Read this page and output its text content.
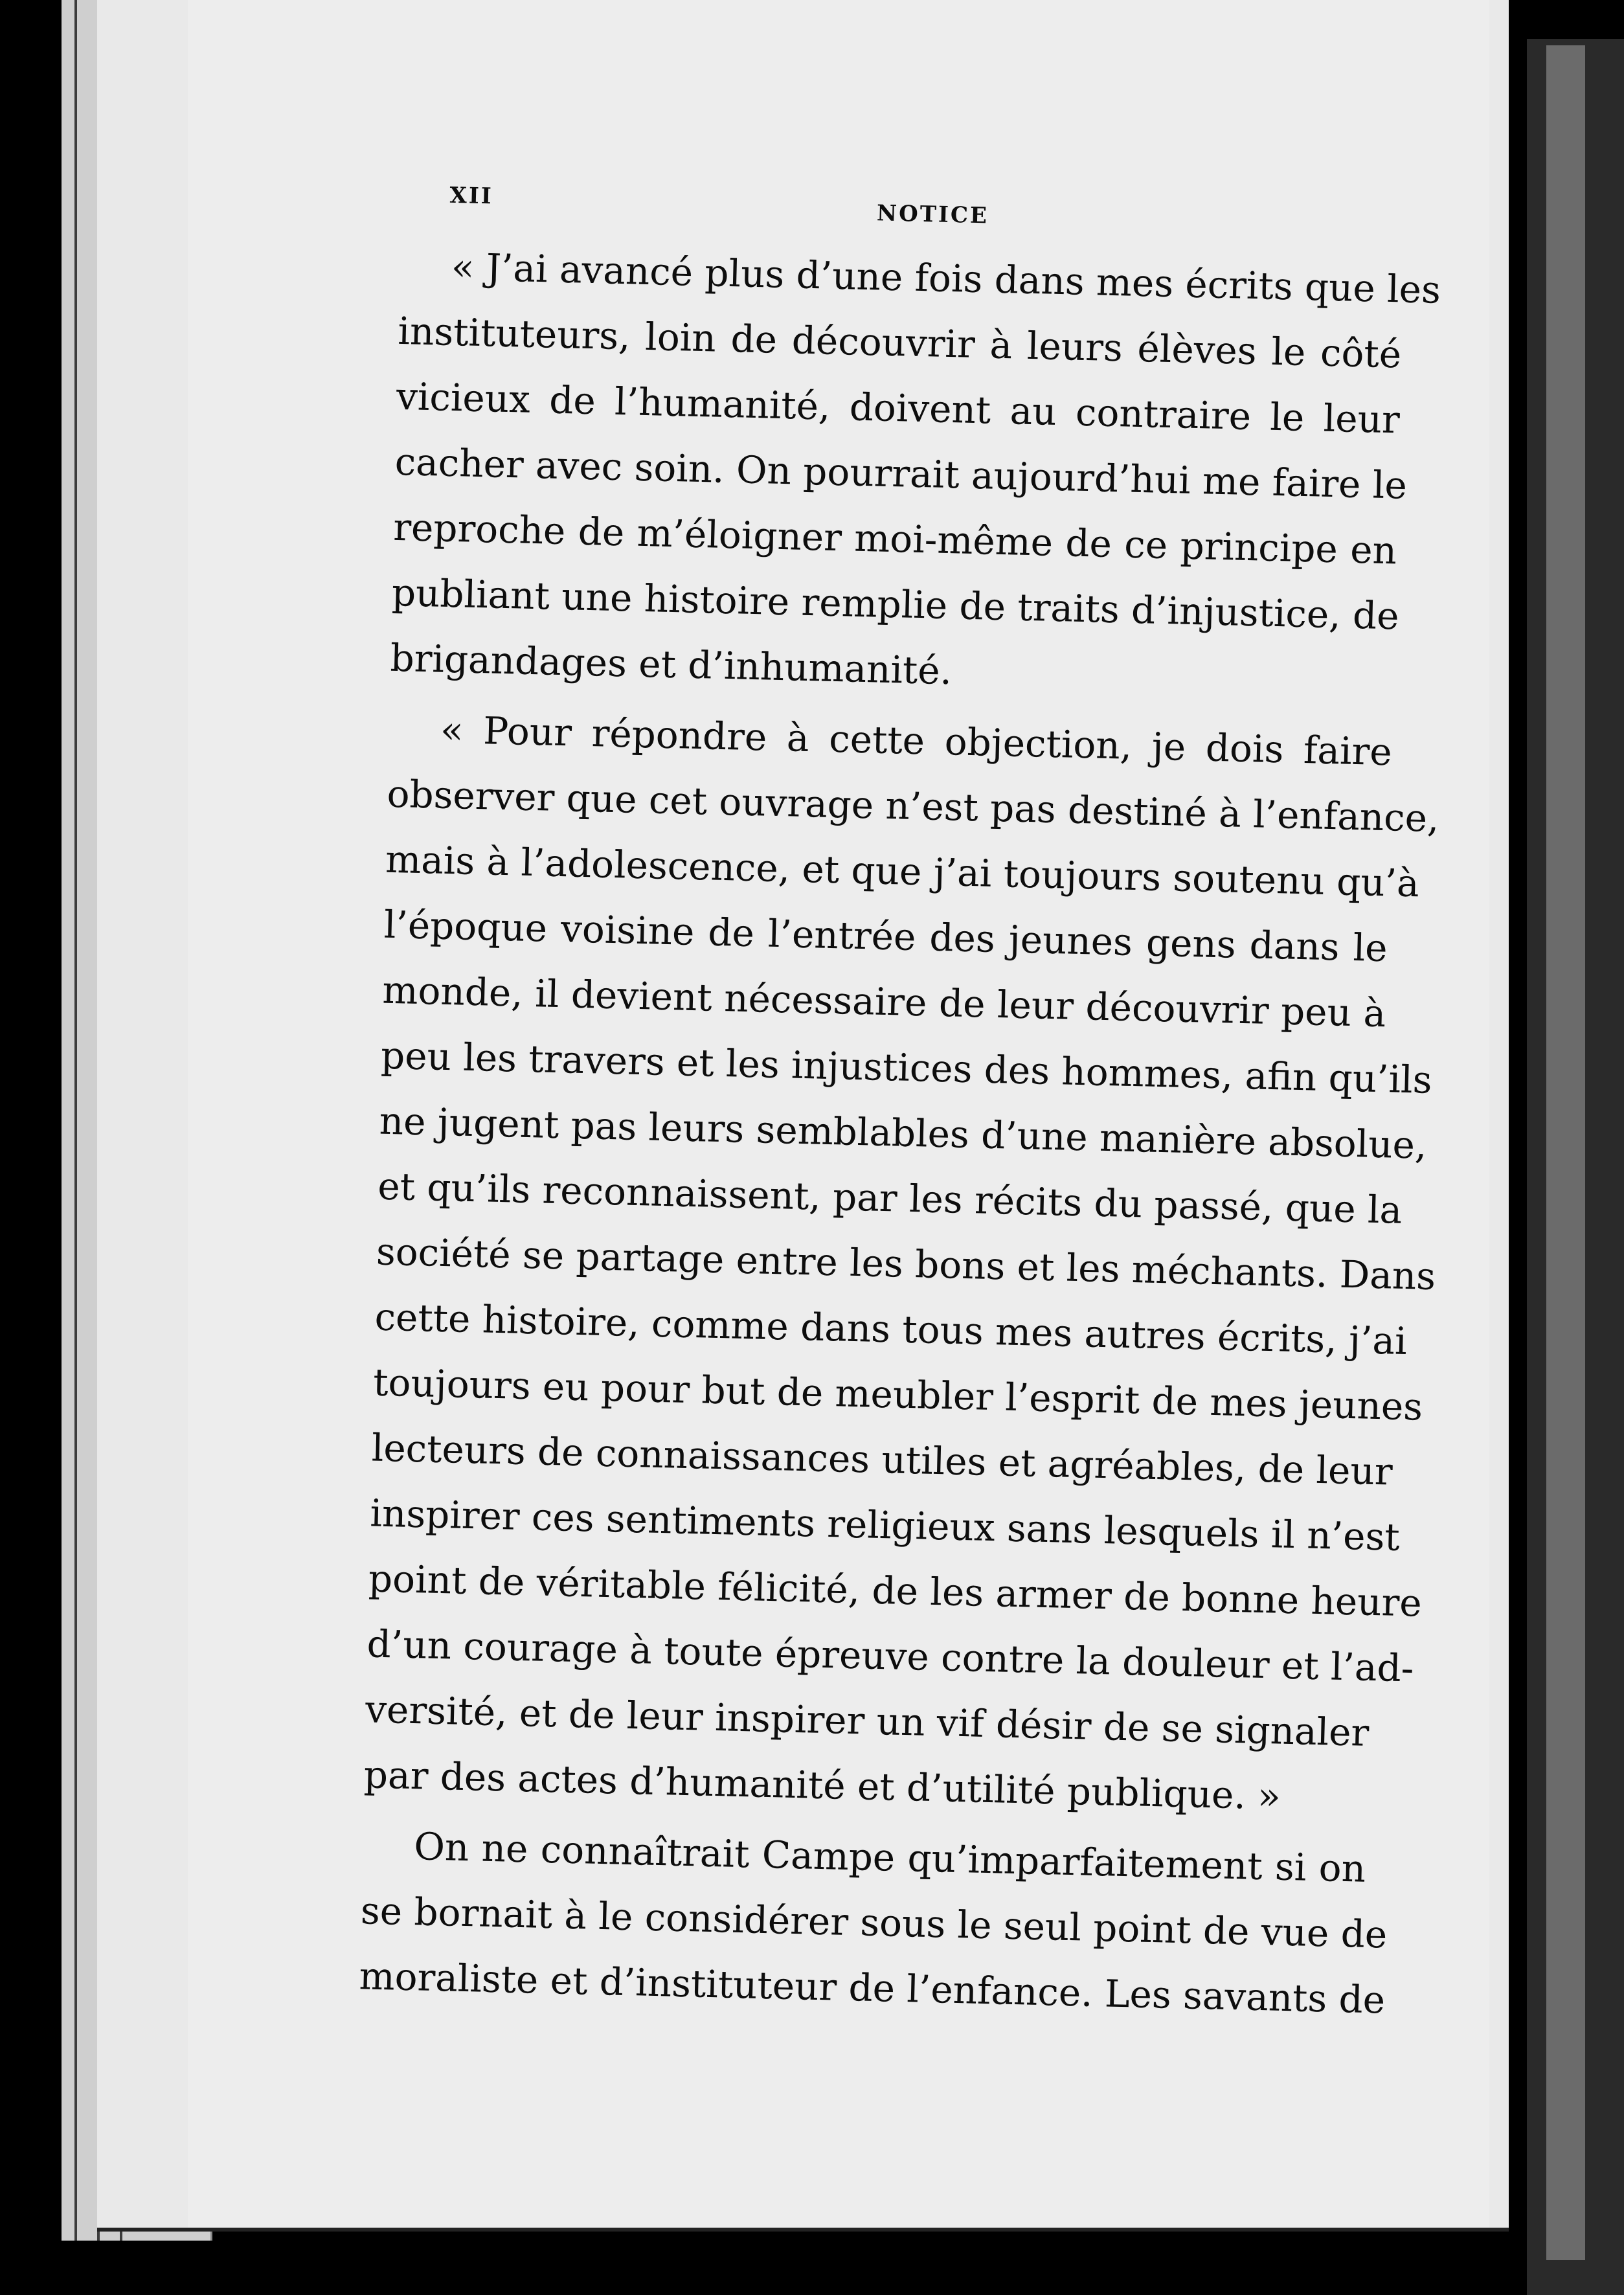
XII
NOTICE
« J’ai avancé plus d’une fois dans mes écrits que les
instituteurs, loin de découvrir à leurs élèves le côté
vicieux de l’humanité, doivent au contraire le leur
cacher avec soin. On pourrait aujourd’hui me faire le
reproche de m’éloigner moi-même de ce principe en
publiant une histoire remplie de traits d’injustice, de
brigandages et d’inhumanité.
« Pour répondre à cette objection, je dois faire
observer que cet ouvrage n’est pas destiné à l’enfance,
mais à l’adolescence, et que j’ai toujours soutenu qu’à
l’époque voisine de l’entrée des jeunes gens dans le
monde, il devient nécessaire de leur découvrir peu à
peu les travers et les injustices des hommes, afin qu’ils
ne jugent pas leurs semblables d’une manière absolue,
et qu’ils reconnaissent, par les récits du passé, que la
société se partage entre les bons et les méchants. Dans
cette histoire, comme dans tous mes autres écrits, j’ai
toujours eu pour but de meubler l’esprit de mes jeunes
lecteurs de connaissances utiles et agréables, de leur
inspirer ces sentiments religieux sans lesquels il n’est
point de véritable félicité, de les armer de bonne heure
d’un courage à toute épreuve contre la douleur et l’ad-
versité, et de leur inspirer un vif désir de se signaler
par des actes d’humanité et d’utilité publique. »
On ne connaîtrait Campe qu’imparfaitement si on
se bornait à le considérer sous le seul point de vue de
moraliste et d’instituteur de l’enfance. Les savants de
